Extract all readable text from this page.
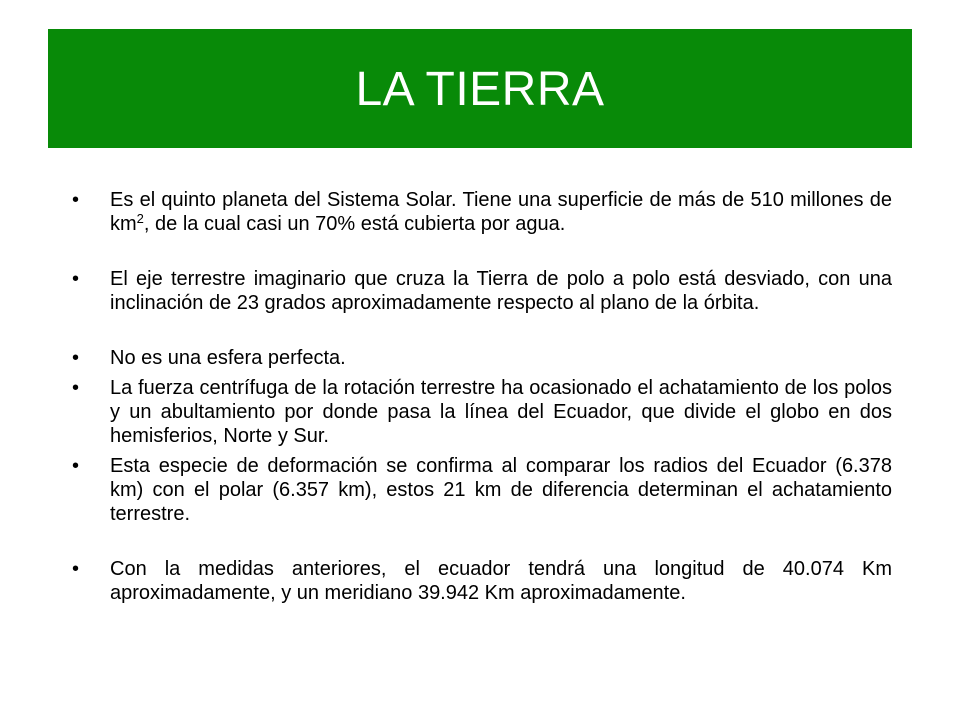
LA TIERRA
•	Es el quinto planeta del Sistema Solar. Tiene una superficie de más de 510 millones de $km^2$, de la cual casi un 70% está cubierta por agua.
•	El eje terrestre imaginario que cruza la Tierra de polo a polo está desviado, con una inclinación de 23 grados aproximadamente respecto al plano de la órbita.
•	No es una esfera perfecta.
•	La fuerza centrífuga de la rotación terrestre ha ocasionado el achatamiento de los polos y un abultamiento por donde pasa la línea del Ecuador, que divide el globo en dos hemisferios, Norte y Sur.
•	Esta especie de deformación se confirma al comparar los radios del Ecuador (6.378 km) con el polar (6.357 km), estos 21 km de diferencia determinan el achatamiento terrestre.
•	Con la medidas anteriores, el ecuador tendrá una longitud de 40.074 Km aproximadamente, y un meridiano 39.942 Km aproximadamente.
